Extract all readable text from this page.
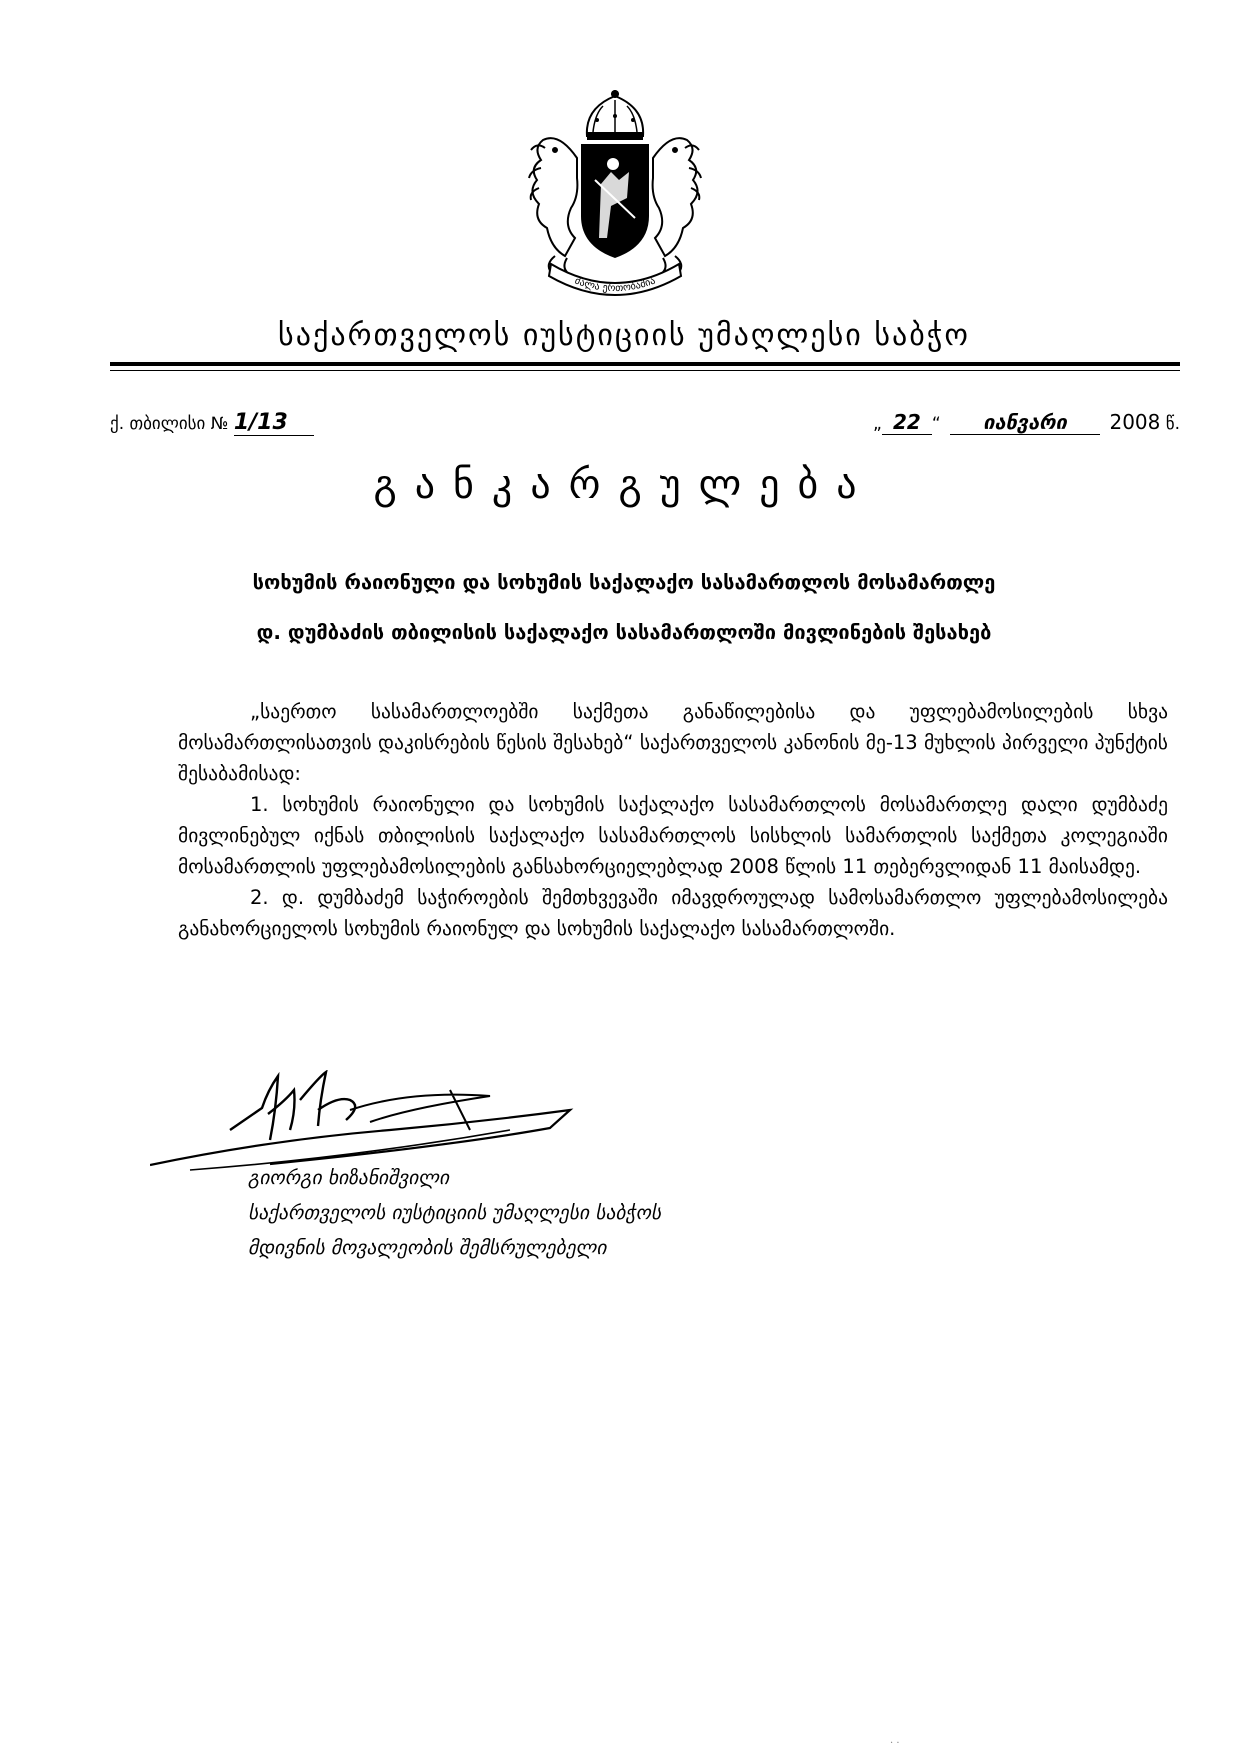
ძალა ერთობაშია
საქართველოს იუსტიციის უმაღლესი საბჭო
ქ. თბილისი № 1/13	„ 22 “ იანვარი 2008 წ.
განკარგულება
სოხუმის რაიონული და სოხუმის საქალაქო სასამართლოს მოსამართლე
დ. დუმბაძის თბილისის საქალაქო სასამართლოში მივლინების შესახებ

„საერთო სასამართლოებში საქმეთა განაწილებისა და უფლებამოსილების სხვა მოსამართლისათვის დაკისრების წესის შესახებ“ საქართველოს კანონის მე-13 მუხლის პირველი პუნქტის შესაბამისად:

1. სოხუმის რაიონული და სოხუმის საქალაქო სასამართლოს მოსამართლე დალი დუმბაძე მივლინებულ იქნას თბილისის საქალაქო სასამართლოს სისხლის სამართლის საქმეთა კოლეგიაში მოსამართლის უფლებამოსილების განსახორციელებლად 2008 წლის 11 თებერვლიდან 11 მაისამდე.

2. დ. დუმბაძემ საჭიროების შემთხვევაში იმავდროულად სამოსამართლო უფლებამოსილება განახორციელოს სოხუმის რაიონულ და სოხუმის საქალაქო სასამართლოში.

გიორგი ხიზანიშვილი
საქართველოს იუსტიციის უმაღლესი საბჭოს
მდივნის მოვალეობის შემსრულებელი
· ·
